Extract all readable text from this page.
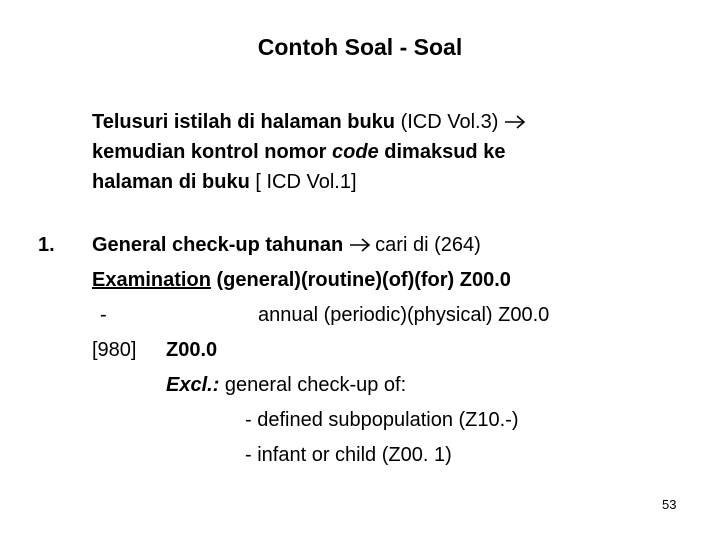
Contoh Soal - Soal
Telusuri istilah di halaman buku (ICD Vol.3)
kemudian kontrol nomor code dimaksud ke
halaman di buku [ ICD Vol.1]
1. General check-up tahunan cari di (264)
Examination (general)(routine)(of)(for) Z00.0
-	annual (periodic)(physical) Z00.0
[980] Z00.0
Excl.: general check-up of:
- defined subpopulation (Z10.-)
- infant or child (Z00. 1)
53
